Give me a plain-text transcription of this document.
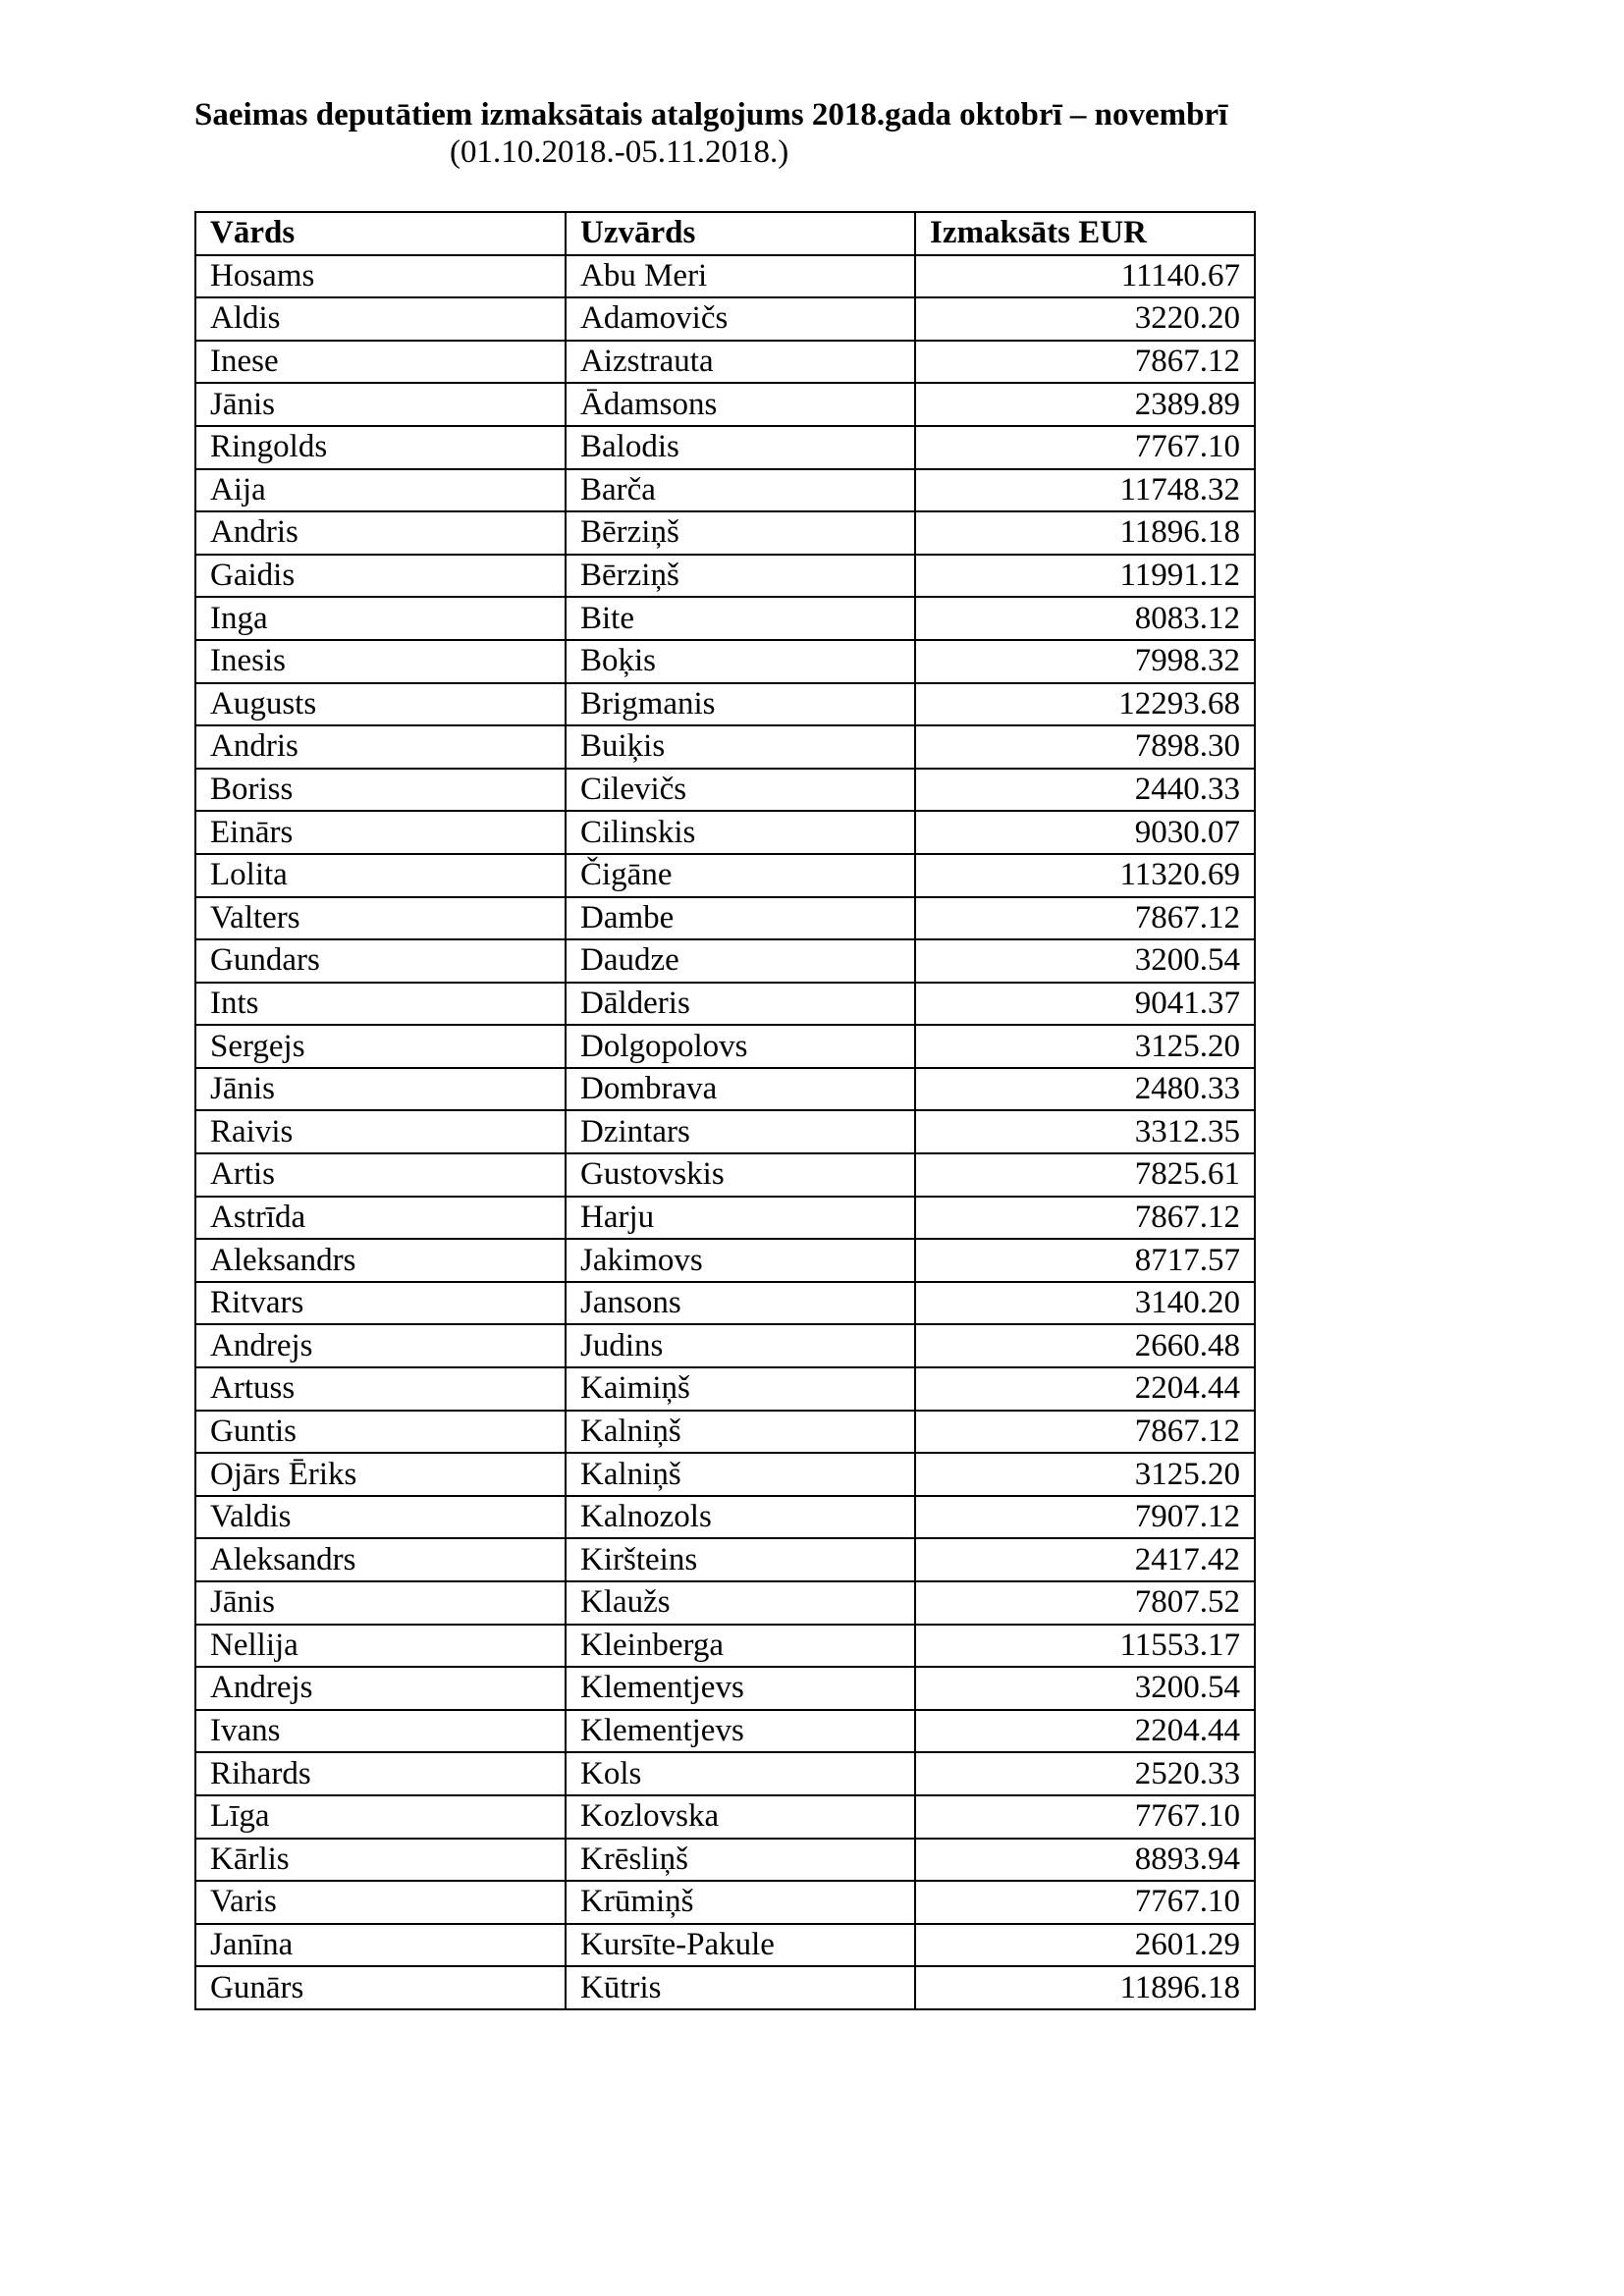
Saeimas deputātiem izmaksātais atalgojums 2018.gada oktobrī – novembrī
(01.10.2018.-05.11.2018.)
Vārds	Uzvārds	Izmaksāts EUR
Hosams	Abu Meri	11140.67
Aldis	Adamovičs	3220.20
Inese	Aizstrauta	7867.12
Jānis	Ādamsons	2389.89
Ringolds	Balodis	7767.10
Aija	Barča	11748.32
Andris	Bērziņš	11896.18
Gaidis	Bērziņš	11991.12
Inga	Bite	8083.12
Inesis	Boķis	7998.32
Augusts	Brigmanis	12293.68
Andris	Buiķis	7898.30
Boriss	Cilevičs	2440.33
Einārs	Cilinskis	9030.07
Lolita	Čigāne	11320.69
Valters	Dambe	7867.12
Gundars	Daudze	3200.54
Ints	Dālderis	9041.37
Sergejs	Dolgopolovs	3125.20
Jānis	Dombrava	2480.33
Raivis	Dzintars	3312.35
Artis	Gustovskis	7825.61
Astrīda	Harju	7867.12
Aleksandrs	Jakimovs	8717.57
Ritvars	Jansons	3140.20
Andrejs	Judins	2660.48
Artuss	Kaimiņš	2204.44
Guntis	Kalniņš	7867.12
Ojārs Ēriks	Kalniņš	3125.20
Valdis	Kalnozols	7907.12
Aleksandrs	Kiršteins	2417.42
Jānis	Klaužs	7807.52
Nellija	Kleinberga	11553.17
Andrejs	Klementjevs	3200.54
Ivans	Klementjevs	2204.44
Rihards	Kols	2520.33
Līga	Kozlovska	7767.10
Kārlis	Krēsliņš	8893.94
Varis	Krūmiņš	7767.10
Janīna	Kursīte-Pakule	2601.29
Gunārs	Kūtris	11896.18
